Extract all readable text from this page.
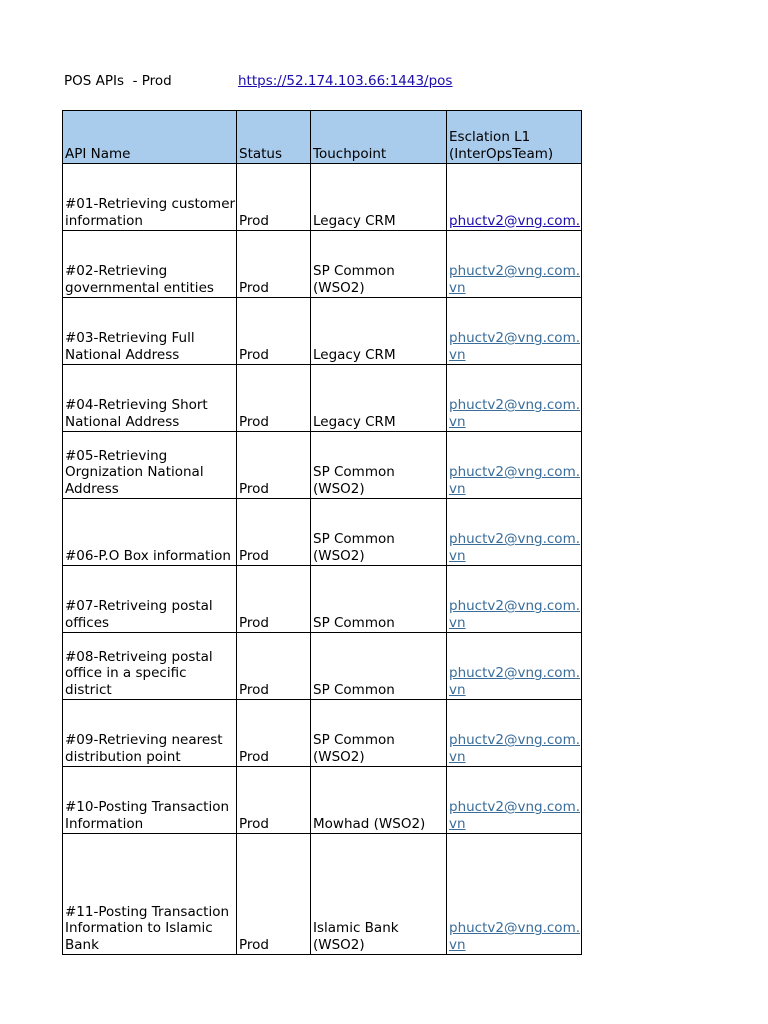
POS APIs  - Prod	https://52.174.103.66:1443/pos
API Name	Status	Touchpoint	Esclation L1 (InterOpsTeam)
#01-Retrieving customer information	Prod	Legacy CRM	phuctv2@vng.com.
#02-Retrieving governmental entities	Prod	SP Common (WSO2)	phuctv2@vng.com.vn
#03-Retrieving Full National Address	Prod	Legacy CRM	phuctv2@vng.com.vn
#04-Retrieving Short National Address	Prod	Legacy CRM	phuctv2@vng.com.vn
#05-Retrieving Orgnization National Address	Prod	SP Common (WSO2)	phuctv2@vng.com.vn
#06-P.O Box information	Prod	SP Common (WSO2)	phuctv2@vng.com.vn
#07-Retriveing postal offices	Prod	SP Common	phuctv2@vng.com.vn
#08-Retriveing postal office in a specific district	Prod	SP Common	phuctv2@vng.com.vn
#09-Retrieving nearest distribution point	Prod	SP Common (WSO2)	phuctv2@vng.com.vn
#10-Posting Transaction Information	Prod	Mowhad (WSO2)	phuctv2@vng.com.vn
#11-Posting Transaction Information to Islamic Bank	Prod	Islamic Bank (WSO2)	phuctv2@vng.com.vn
